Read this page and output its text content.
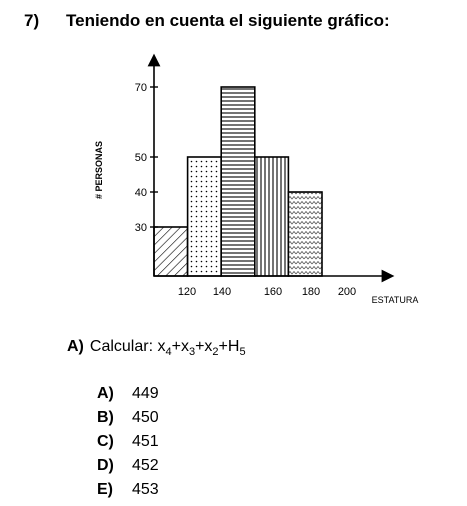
7) Teniendo en cuenta el siguiente gráfico:
30
40
50
70
120 140	160 180 200
# PERSONAS
ESTATURA
A) Calcular: $x_4+x_3+x_2+H_5$
A)	449
B)	450
C)	451
D)	452
E)	453
